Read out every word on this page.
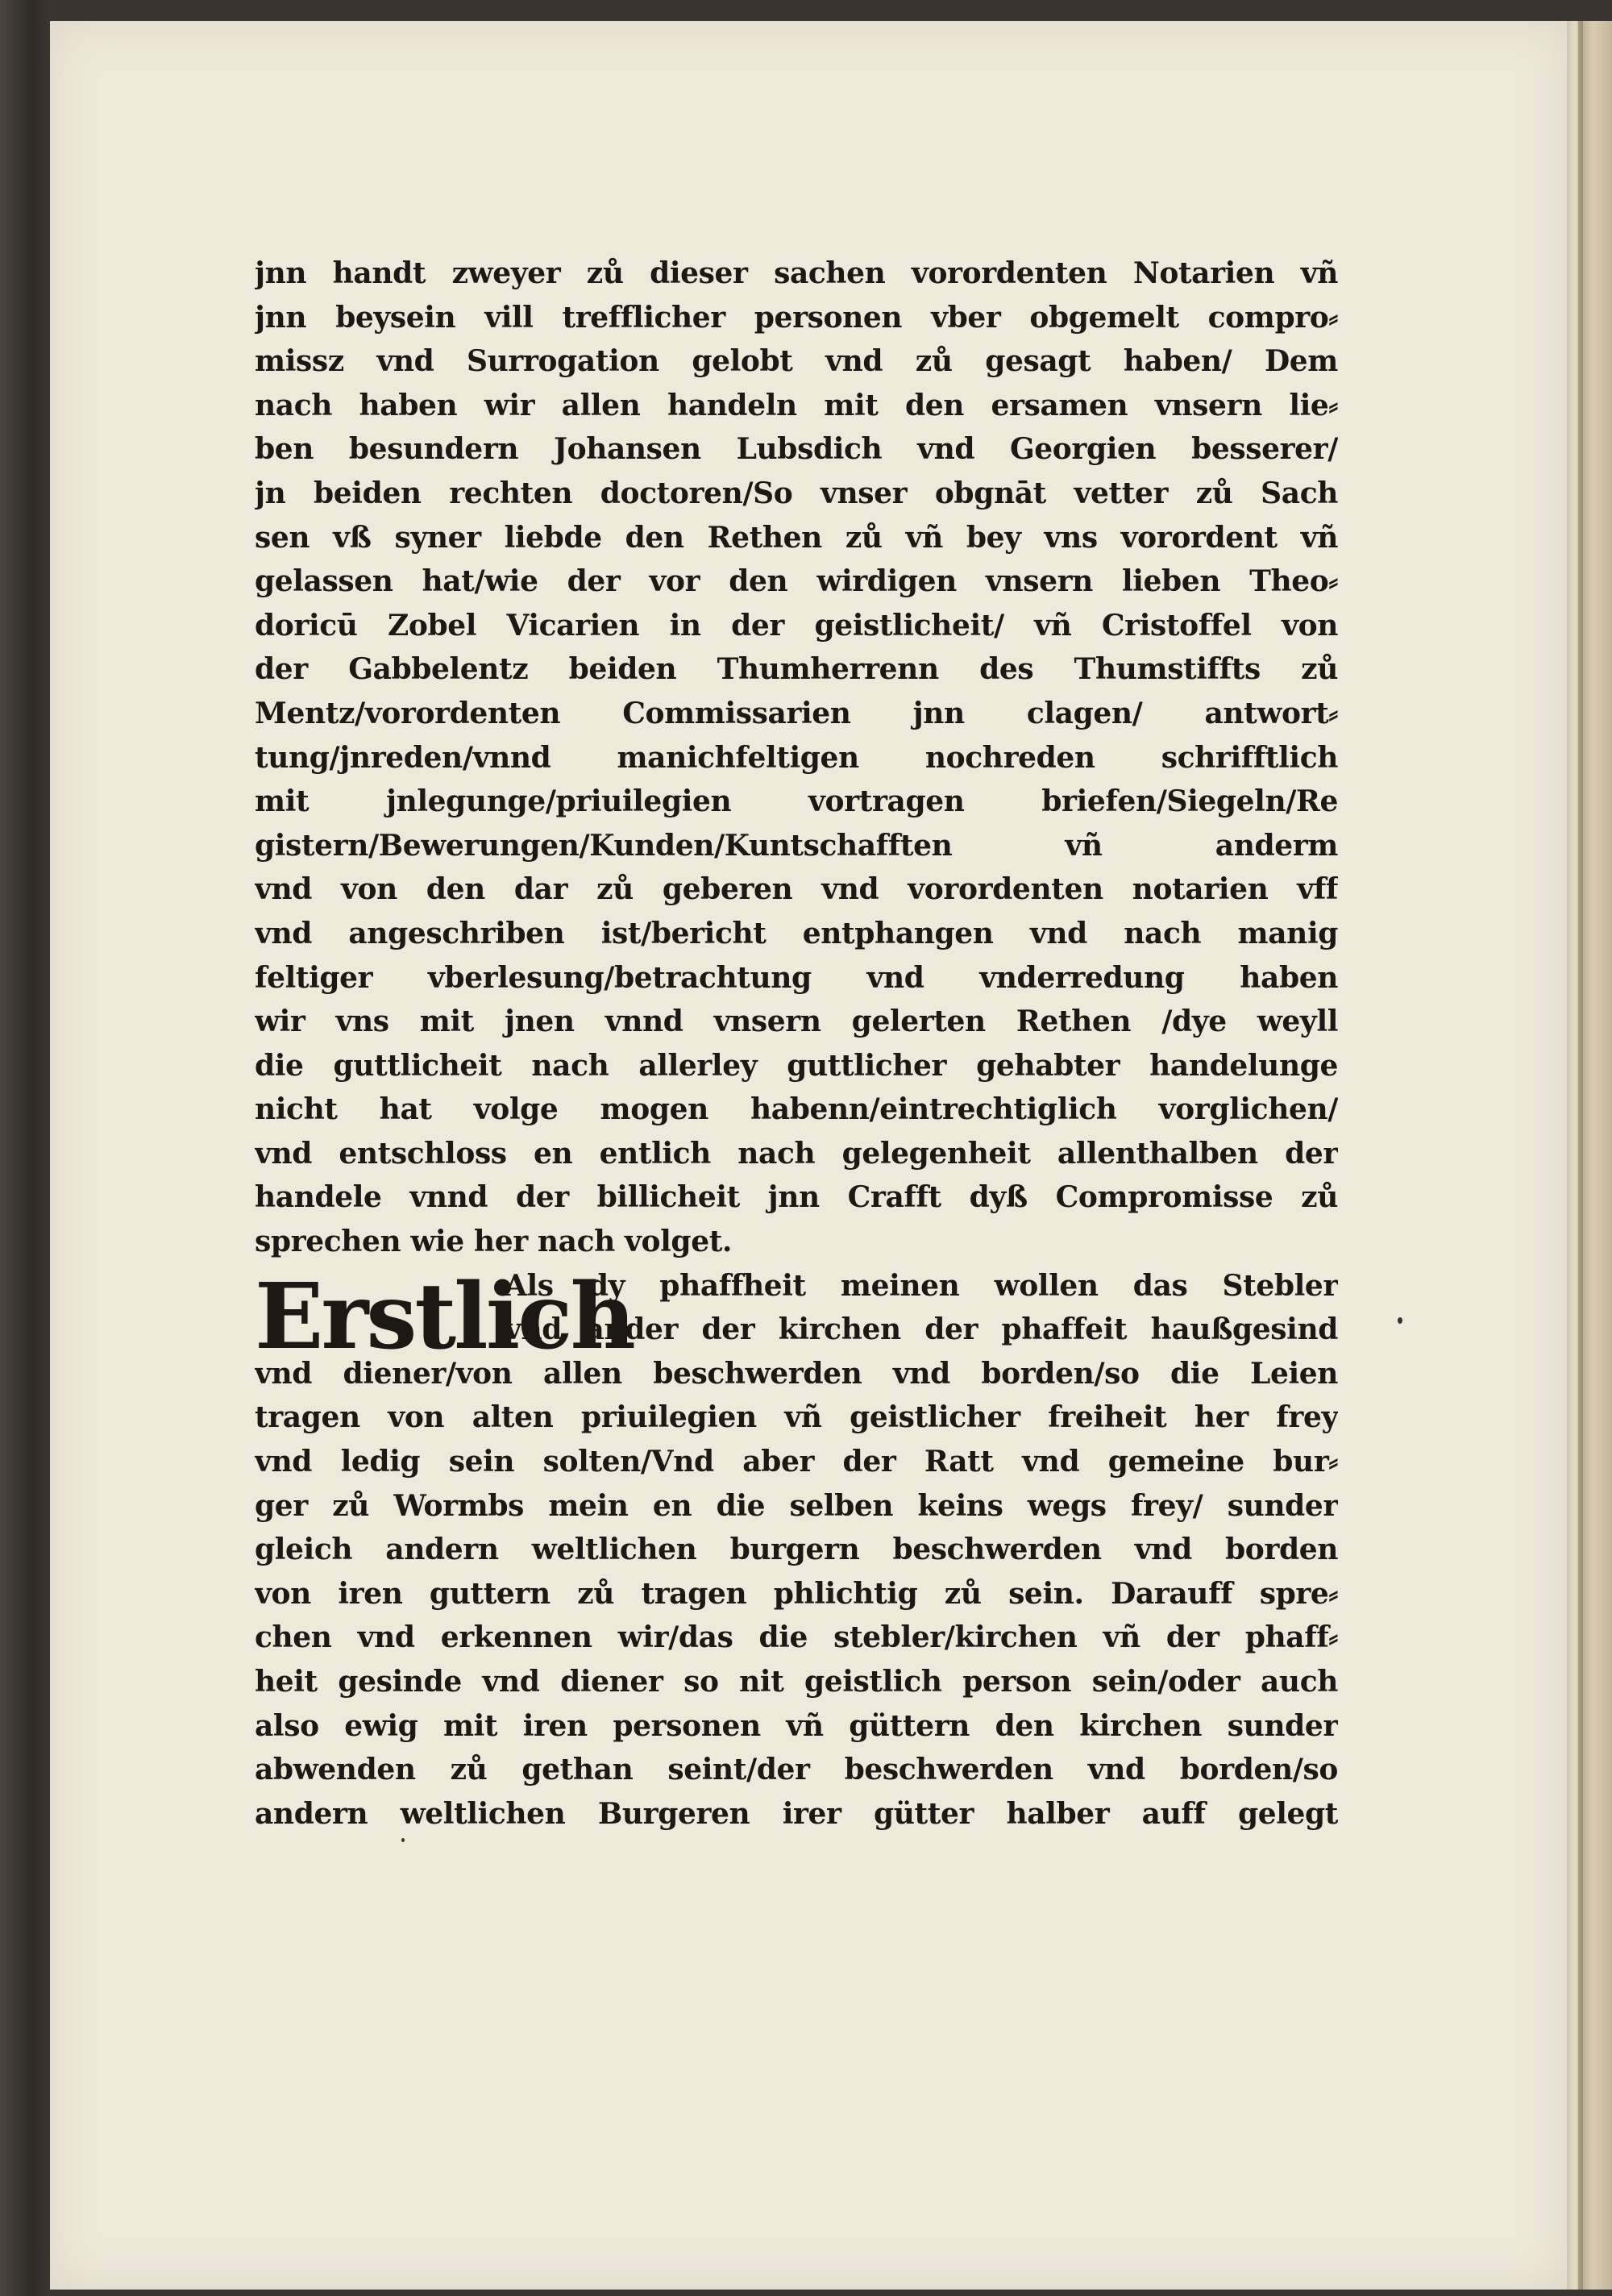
jnn handt zweyer zů dieser sachen vorordenten Notarien vñ
jnn beysein vill trefflicher personen vber obgemelt compro⸗
missz vnd Surrogation gelobt vnd zů gesagt haben/ Dem
nach haben wir allen handeln mit den ersamen vnsern lie⸗
ben besundern Johansen Lubsdich vnd Georgien besserer/
jn beiden rechten doctoren/So vnser obgnāt vetter zů Sach
sen vß syner liebde den Rethen zů vñ bey vns vorordent vñ
gelassen hat/wie der vor den wirdigen vnsern lieben Theo⸗
doricū Zobel Vicarien in der geistlicheit/ vñ Cristoffel von
der Gabbelentz beiden Thumherrenn des Thumstiffts zů
Mentz/vorordenten Commissarien jnn clagen/ antwort⸗
tung/jnreden/vnnd manichfeltigen nochreden schrifftlich
mit jnlegunge/priuilegien vortragen briefen/Siegeln/Re
gistern/Bewerungen/Kunden/Kuntschafften vñ anderm
vnd von den dar zů geberen vnd vorordenten notarien vff
vnd angeschriben ist/bericht entphangen vnd nach manig
feltiger vberlesung/betrachtung vnd vnderredung haben
wir vns mit jnen vnnd vnsern gelerten Rethen /dye weyll
die guttlicheit nach allerley guttlicher gehabter handelunge
nicht hat volge mogen habenn/eintrechtiglich vorglichen/
vnd entschloss en entlich nach gelegenheit allenthalben der
handele vnnd der billicheit jnn Crafft dyß Compromisse zů
sprechen wie her nach volget.
Erstlich
Als dy phaffheit meinen wollen das Stebler
vnd ander der kirchen der phaffeit haußgesind
vnd diener/von allen beschwerden vnd borden/so die Leien
tragen von alten priuilegien vñ geistlicher freiheit her frey
vnd ledig sein solten/Vnd aber der Ratt vnd gemeine bur⸗
ger zů Wormbs mein en die selben keins wegs frey/ sunder
gleich andern weltlichen burgern beschwerden vnd borden
von iren guttern zů tragen phlichtig zů sein. Darauff spre⸗
chen vnd erkennen wir/das die stebler/kirchen vñ der phaff⸗
heit gesinde vnd diener so nit geistlich person sein/oder auch
also ewig mit iren personen vñ güttern den kirchen sunder
abwenden zů gethan seint/der beschwerden vnd borden/so
andern weltlichen Burgeren irer gütter halber auff gelegt
